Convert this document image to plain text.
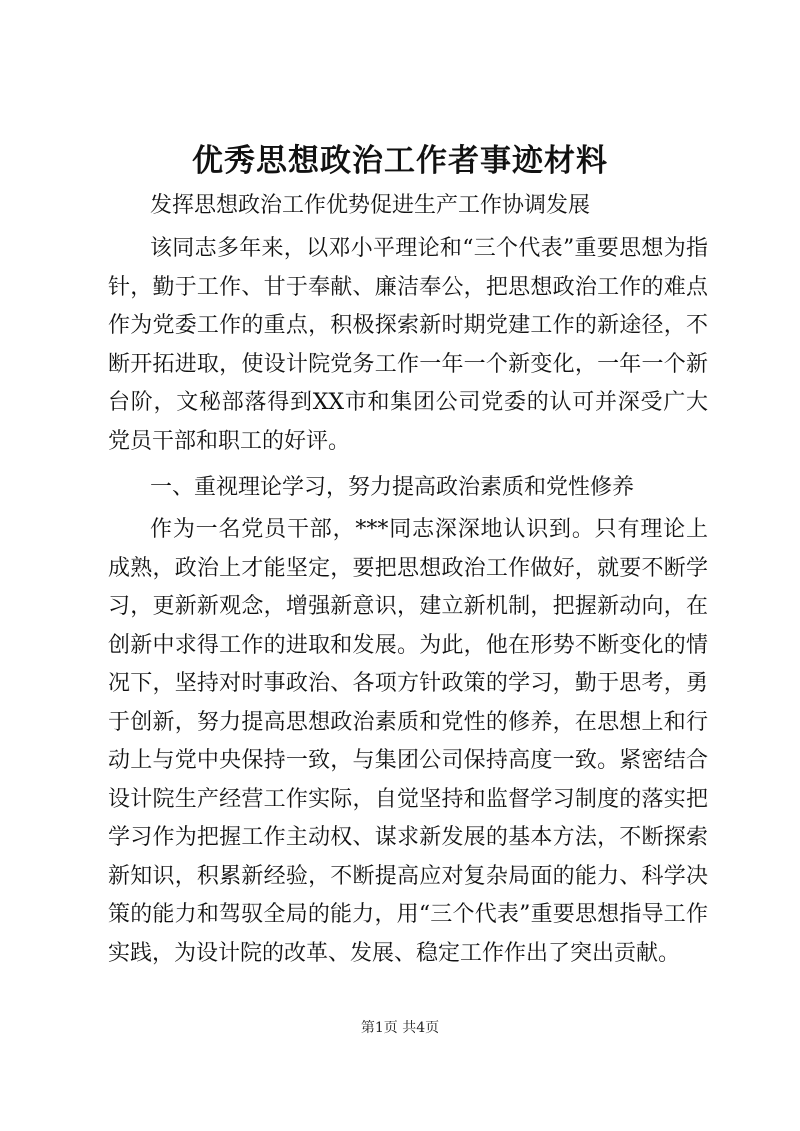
优秀思想政治工作者事迹材料
发挥思想政治工作优势促进生产工作协调发展
该同志多年来，以邓小平理论和“三个代表”重要思想为指针，勤于工作、甘于奉献、廉洁奉公，把思想政治工作的难点作为党委工作的重点，积极探索新时期党建工作的新途径，不断开拓进取，使设计院党务工作一年一个新变化，一年一个新台阶，文秘部落得到XX市和集团公司党委的认可并深受广大党员干部和职工的好评。
一、重视理论学习，努力提高政治素质和党性修养
作为一名党员干部，***同志深深地认识到。只有理论上成熟，政治上才能坚定，要把思想政治工作做好，就要不断学习，更新新观念，增强新意识，建立新机制，把握新动向，在创新中求得工作的进取和发展。为此，他在形势不断变化的情况下，坚持对时事政治、各项方针政策的学习，勤于思考，勇于创新，努力提高思想政治素质和党性的修养，在思想上和行动上与党中央保持一致，与集团公司保持高度一致。紧密结合设计院生产经营工作实际，自觉坚持和监督学习制度的落实把学习作为把握工作主动权、谋求新发展的基本方法，不断探索新知识，积累新经验，不断提高应对复杂局面的能力、科学决策的能力和驾驭全局的能力，用“三个代表”重要思想指导工作实践，为设计院的改革、发展、稳定工作作出了突出贡献。
第1页 共4页
